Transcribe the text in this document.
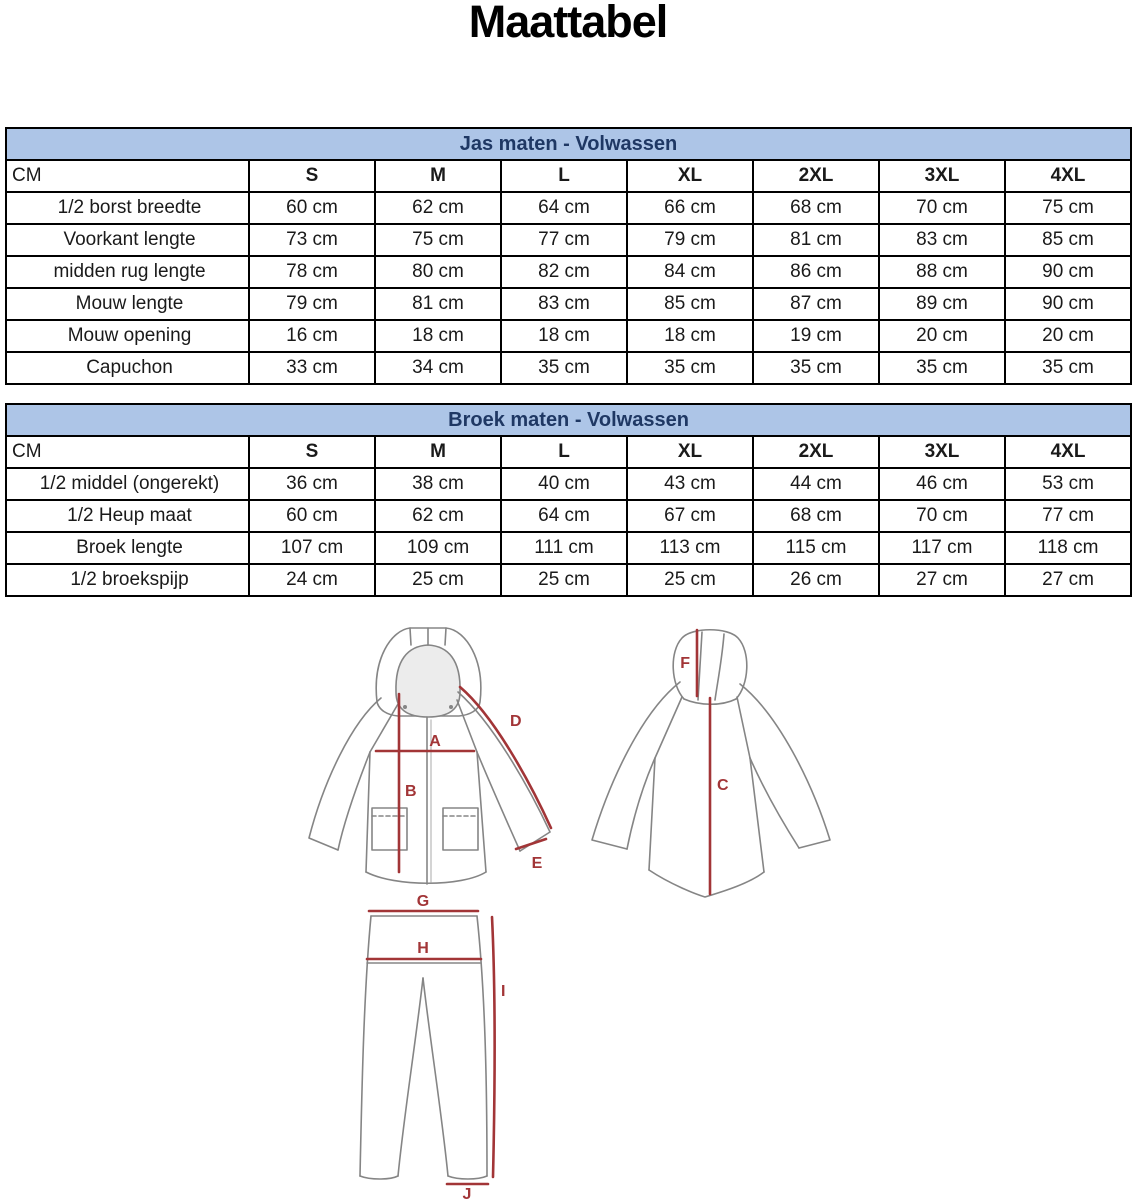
Maattabel
Jas maten - Volwassen							
CM	S	M	L	XL	2XL	3XL	4XL
1/2 borst breedte	60 cm	62 cm	64 cm	66 cm	68 cm	70 cm	75 cm
Voorkant lengte	73 cm	75 cm	77 cm	79 cm	81 cm	83 cm	85 cm
midden rug lengte	78 cm	80 cm	82 cm	84 cm	86 cm	88 cm	90 cm
Mouw lengte	79 cm	81 cm	83 cm	85 cm	87 cm	89 cm	90 cm
Mouw opening	16 cm	18 cm	18 cm	18 cm	19 cm	20 cm	20 cm
Capuchon	33 cm	34 cm	35 cm	35 cm	35 cm	35 cm	35 cm
Broek maten - Volwassen							
CM	S	M	L	XL	2XL	3XL	4XL
1/2 middel (ongerekt)	36 cm	38 cm	40 cm	43 cm	44 cm	46 cm	53 cm
1/2 Heup maat	60 cm	62 cm	64 cm	67 cm	68 cm	70 cm	77 cm
Broek lengte	107 cm	109 cm	111 cm	113 cm	115 cm	117 cm	118 cm
1/2 broekspijp	24 cm	25 cm	25 cm	25 cm	26 cm	27 cm	27 cm
A
B
D
E
F
C
G
H
I
J
